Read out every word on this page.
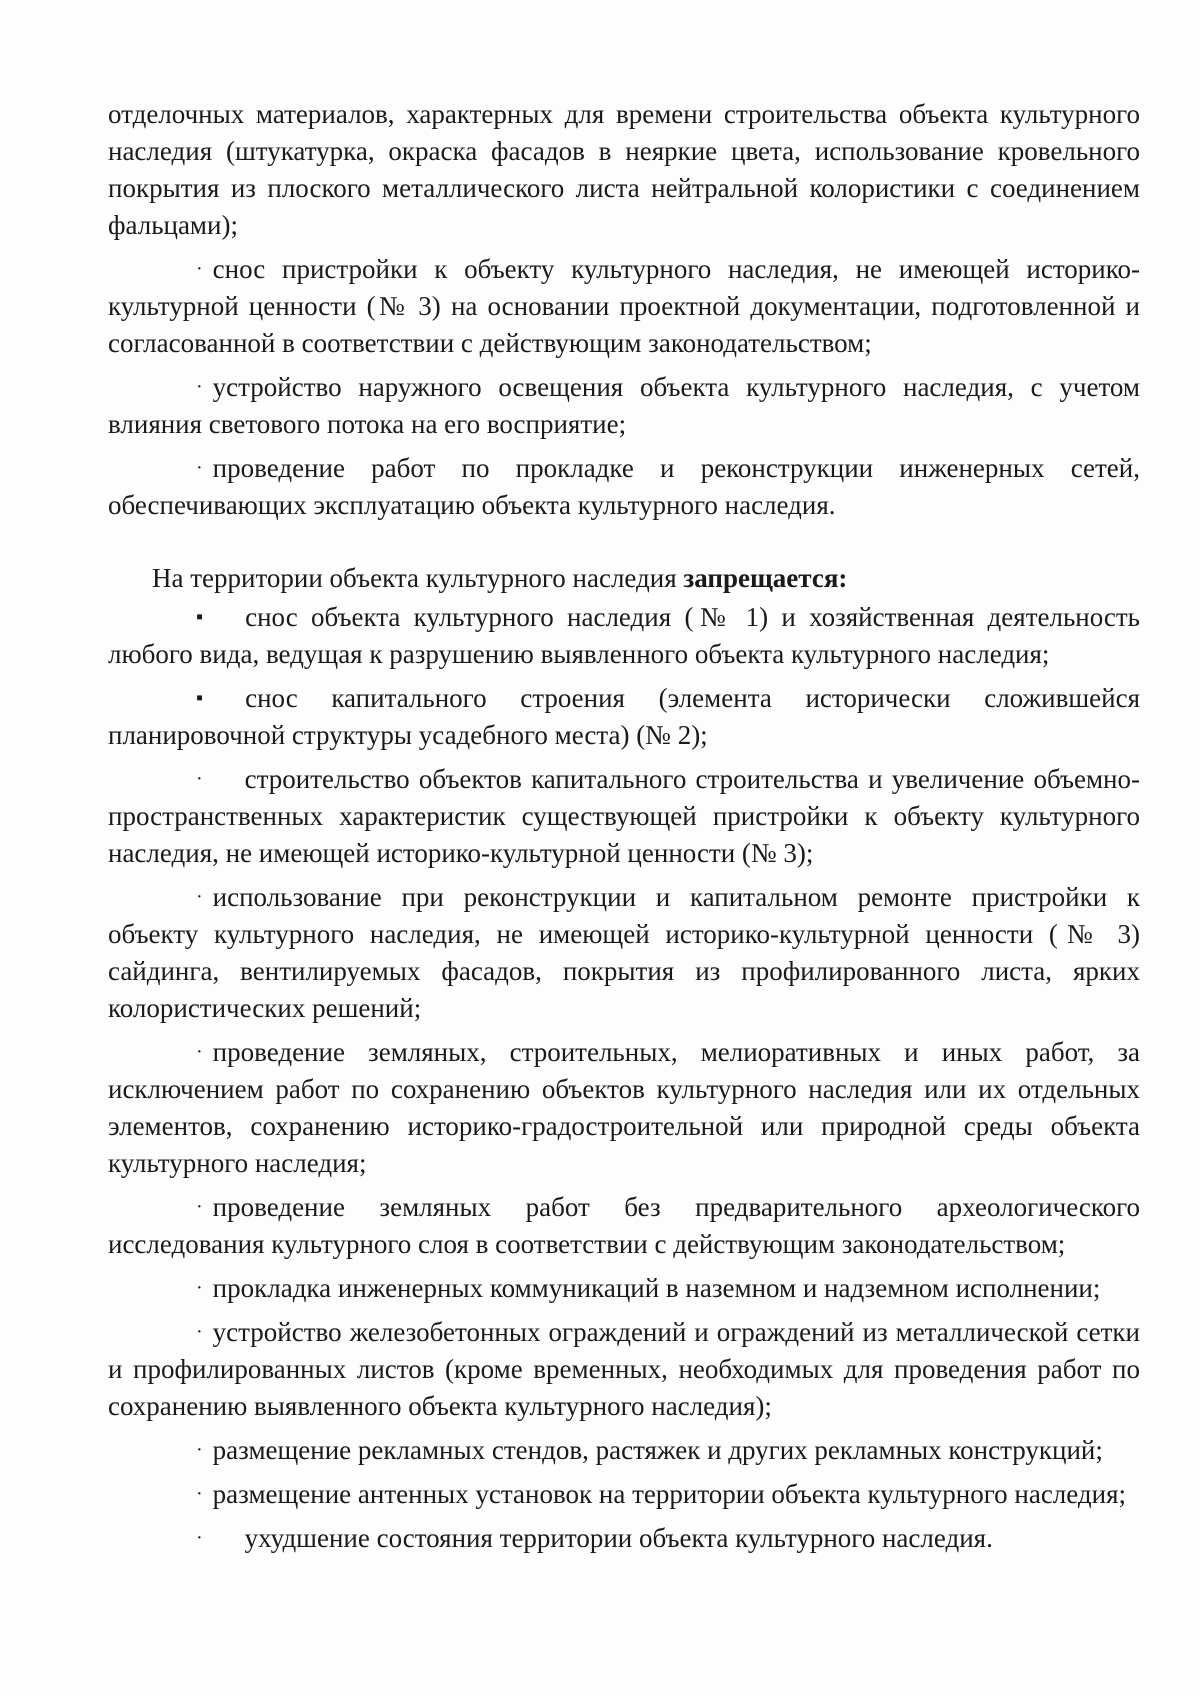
отделочных материалов, характерных для времени строительства объекта культурного наследия (штукатурка, окраска фасадов в неяркие цвета, использование кровельного покрытия из плоского металлического листа нейтральной колористики с соединением фальцами);

· снос пристройки к объекту культурного наследия, не имеющей историко-культурной ценности (№ 3) на основании проектной документации, подготовленной и согласованной в соответствии с действующим законодательством;

· устройство наружного освещения объекта культурного наследия, с учетом влияния светового потока на его восприятие;

· проведение работ по прокладке и реконструкции инженерных сетей, обеспечивающих эксплуатацию объекта культурного наследия.

На территории объекта культурного наследия запрещается:

▪ снос объекта культурного наследия (№ 1) и хозяйственная деятельность любого вида, ведущая к разрушению выявленного объекта культурного наследия;

▪ снос капитального строения (элемента исторически сложившейся планировочной структуры усадебного места) (№ 2);

· строительство объектов капитального строительства и увеличение объемно-пространственных характеристик существующей пристройки к объекту культурного наследия, не имеющей историко-культурной ценности (№ 3);

· использование при реконструкции и капитальном ремонте пристройки к объекту культурного наследия, не имеющей историко-культурной ценности (№ 3) сайдинга, вентилируемых фасадов, покрытия из профилированного листа, ярких колористических решений;

· проведение земляных, строительных, мелиоративных и иных работ, за исключением работ по сохранению объектов культурного наследия или их отдельных элементов, сохранению историко-градостроительной или природной среды объекта культурного наследия;

· проведение земляных работ без предварительного археологического исследования культурного слоя в соответствии с действующим законодательством;

· прокладка инженерных коммуникаций в наземном и надземном исполнении;

· устройство железобетонных ограждений и ограждений из металлической сетки и профилированных листов (кроме временных, необходимых для проведения работ по сохранению выявленного объекта культурного наследия);

· размещение рекламных стендов, растяжек и других рекламных конструкций;

· размещение антенных установок на территории объекта культурного наследия;

· ухудшение состояния территории объекта культурного наследия.
